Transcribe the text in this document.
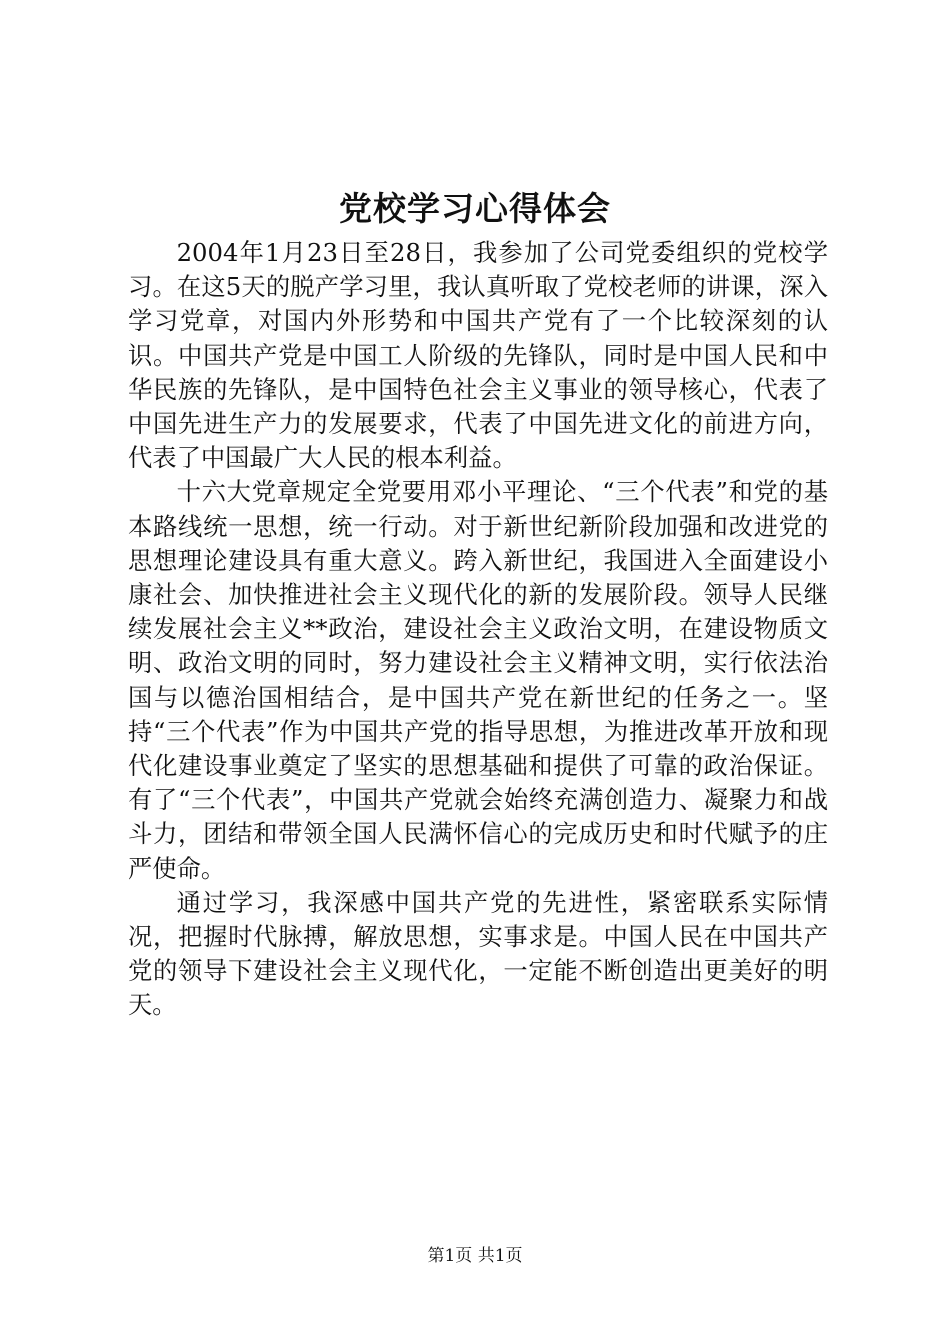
党校学习心得体会

2004年1月23日至28日，我参加了公司党委组织的党校学习。在这5天的脱产学习里，我认真听取了党校老师的讲课，深入学习党章，对国内外形势和中国共产党有了一个比较深刻的认识。中国共产党是中国工人阶级的先锋队，同时是中国人民和中华民族的先锋队，是中国特色社会主义事业的领导核心，代表了中国先进生产力的发展要求，代表了中国先进文化的前进方向，代表了中国最广大人民的根本利益。

十六大党章规定全党要用邓小平理论、“三个代表”和党的基本路线统一思想，统一行动。对于新世纪新阶段加强和改进党的思想理论建设具有重大意义。跨入新世纪，我国进入全面建设小康社会、加快推进社会主义现代化的新的发展阶段。领导人民继续发展社会主义**政治，建设社会主义政治文明，在建设物质文明、政治文明的同时，努力建设社会主义精神文明，实行依法治国与以德治国相结合，是中国共产党在新世纪的任务之一。坚持“三个代表”作为中国共产党的指导思想，为推进改革开放和现代化建设事业奠定了坚实的思想基础和提供了可靠的政治保证。有了“三个代表”，中国共产党就会始终充满创造力、凝聚力和战斗力，团结和带领全国人民满怀信心的完成历史和时代赋予的庄严使命。

通过学习，我深感中国共产党的先进性，紧密联系实际情况，把握时代脉搏，解放思想，实事求是。中国人民在中国共产党的领导下建设社会主义现代化，一定能不断创造出更美好的明天。

第1页 共1页
